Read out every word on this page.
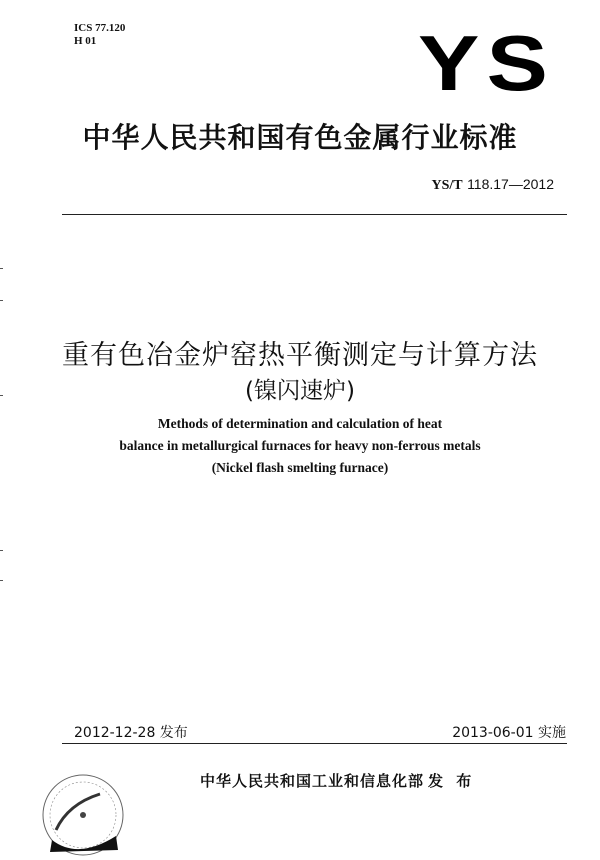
ICS 77.120
H 01	YS
中华人民共和国有色金属行业标准
YS/T 118.17—2012
重有色冶金炉窑热平衡测定与计算方法
(镍闪速炉)
Methods of determination and calculation of heat
balance in metallurgical furnaces for heavy non-ferrous metals
(Nickel flash smelting furnace)
2012-12-28 发布	2013-06-01 实施
中华人民共和国工业和信息化部 发 布
